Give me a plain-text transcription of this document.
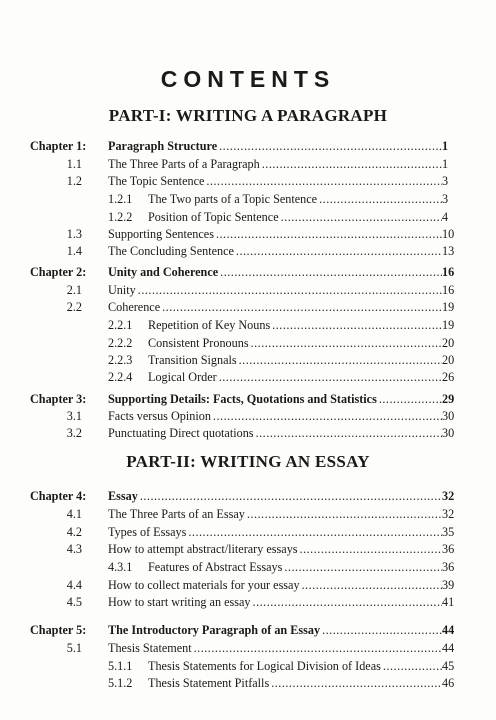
CONTENTS
PART-I: WRITING A PARAGRAPH
PART-II: WRITING AN ESSAY
Chapter 1: Paragraph Structure .....	1
1.1 The Three Parts of a Paragraph .....	1
1.2 The Topic Sentence .....	3
1.2.1	The Two parts of a Topic Sentence .....	3
1.2.2	Position of Topic Sentence .....	4
1.3 Supporting Sentences .....	10
1.4 The Concluding Sentence .....	13
Chapter 2: Unity and Coherence .....	16
2.1 Unity .....	16
2.2 Coherence .....	19
2.2.1	Repetition of Key Nouns .....	19
2.2.2	Consistent Pronouns .....	20
2.2.3	Transition Signals .....	20
2.2.4	Logical Order .....	26
Chapter 3: Supporting Details: Facts, Quotations and Statistics .....	29
3.1 Facts versus Opinion .....	30
3.2 Punctuating Direct quotations .....	30
Chapter 4: Essay .....	32
4.1 The Three Parts of an Essay .....	32
4.2 Types of Essays .....	35
4.3 How to attempt abstract/literary essays .....	36
4.3.1	Features of Abstract Essays .....	36
4.4 How to collect materials for your essay .....	39
4.5 How to start writing an essay .....	41
Chapter 5: The Introductory Paragraph of an Essay .....	44
5.1 Thesis Statement .....	44
5.1.1	Thesis Statements for Logical Division of Ideas .....	45
5.1.2	Thesis Statement Pitfalls .....	46
